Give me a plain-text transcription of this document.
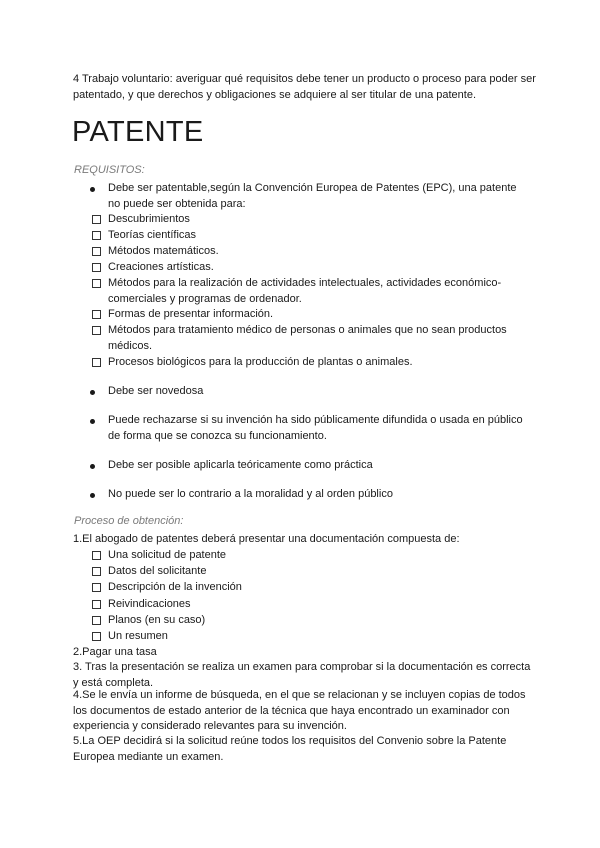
4 Trabajo voluntario: averiguar qué requisitos debe tener un producto o proceso para poder ser patentado, y que derechos y obligaciones se adquiere al ser titular de una patente.
PATENTE
REQUISITOS:
Debe ser patentable,según la Convención Europea de Patentes (EPC), una patente no puede ser obtenida para:
Descubrimientos
Teorías científicas
Métodos matemáticos.
Creaciones artísticas.
Métodos para la realización de actividades intelectuales, actividades económico-comerciales y programas de ordenador.
Formas de presentar información.
Métodos para tratamiento médico de personas o animales que no sean productos médicos.
Procesos biológicos para la producción de plantas o animales.
Debe ser novedosa
Puede rechazarse si su invención ha sido públicamente difundida o usada en público de forma que se conozca su funcionamiento.
Debe ser posible aplicarla teóricamente como práctica
No puede ser lo contrario a la moralidad y al orden público
Proceso de obtención:
1.El abogado de patentes deberá presentar una documentación compuesta de:
Una solicitud de patente
Datos del solicitante
Descripción de la invención
Reivindicaciones
Planos (en su caso)
Un resumen
2.Pagar una tasa
3. Tras la presentación se realiza un examen para comprobar si la documentación es correcta y está completa.
4.Se le envía un informe de búsqueda, en el que se relacionan y se incluyen copias de todos los documentos de estado anterior de la técnica que haya encontrado un examinador con experiencia y considerado relevantes para su invención.
5.La OEP decidirá si la solicitud reúne todos los requisitos del Convenio sobre la Patente Europea mediante un examen.
